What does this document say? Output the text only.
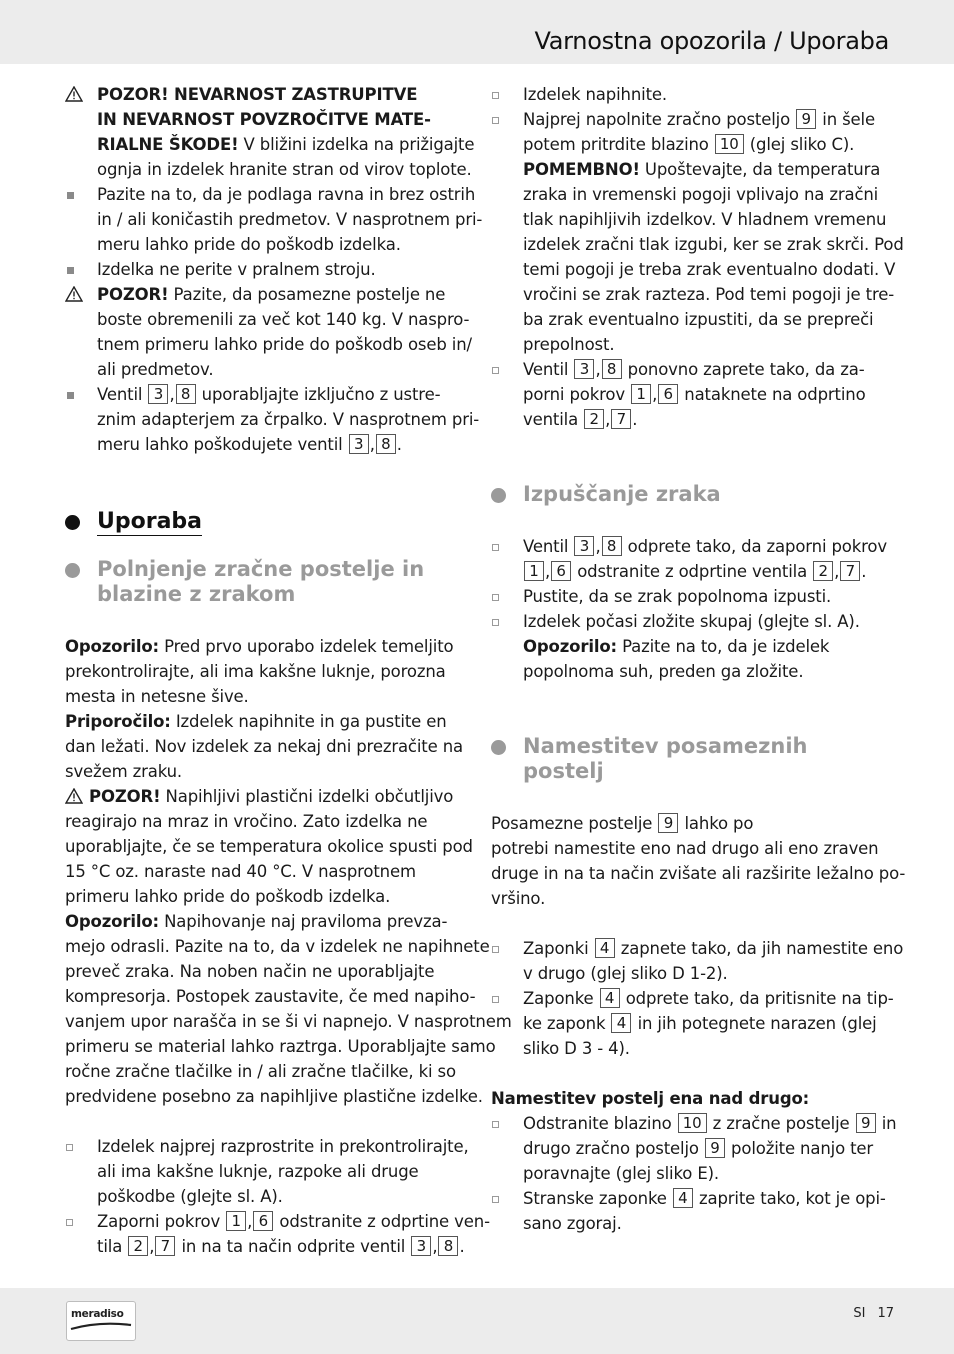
Varnostna opozorila / Uporaba
POZOR! NEVARNOST ZASTRUPITVE
IN NEVARNOST POVZROČITVE MATE-
RIALNE ŠKODE! V bližini izdelka na prižigajte
ognja in izdelek hranite stran od virov toplote.
Pazite na to, da je podlaga ravna in brez ostrih
in / ali koničastih predmetov. V nasprotnem pri-
meru lahko pride do poškodb izdelka.
Izdelka ne perite v pralnem stroju.
POZOR! Pazite, da posamezne postelje ne
boste obremenili za več kot 140 kg. V naspro-
tnem primeru lahko pride do poškodb oseb in/
ali predmetov.
Ventil 3 , 8 uporabljajte izključno z ustre-
znim adapterjem za črpalko. V nasprotnem pri-
meru lahko poškodujete ventil 3 , 8 .
Uporaba
Polnjenje zračne postelje in
blazine z zrakom
Opozorilo: Pred prvo uporabo izdelek temeljito
prekontrolirajte, ali ima kakšne luknje, porozna
mesta in netesne šive.
Priporočilo: Izdelek napihnite in ga pustite en
dan ležati. Nov izdelek za nekaj dni prezračite na
svežem zraku.
POZOR! Napihljivi plastični izdelki občutljivo
reagirajo na mraz in vročino. Zato izdelka ne
uporabljajte, če se temperatura okolice spusti pod
15 °C oz. naraste nad 40 °C. V nasprotnem
primeru lahko pride do poškodb izdelka.
Opozorilo: Napihovanje naj praviloma prevza-
mejo odrasli. Pazite na to, da v izdelek ne napihnete
preveč zraka. Na noben način ne uporabljajte
kompresorja. Postopek zaustavite, če med napiho-
vanjem upor narašča in se ši vi napnejo. V nasprotnem
primeru se material lahko raztrga. Uporabljajte samo
ročne zračne tlačilke in / ali zračne tlačilke, ki so
predvidene posebno za napihljive plastične izdelke.
Izdelek najprej razprostrite in prekontrolirajte,
ali ima kakšne luknje, razpoke ali druge
poškodbe (glejte sl. A).
Zaporni pokrov 1 , 6 odstranite z odprtine ven-
tila 2 , 7 in na ta način odprite ventil 3 , 8 .
Izdelek napihnite.
Najprej napolnite zračno posteljo 9 in šele
potem pritrdite blazino 10 (glej sliko C).
POMEMBNO! Upoštevajte, da temperatura
zraka in vremenski pogoji vplivajo na zračni
tlak napihljivih izdelkov. V hladnem vremenu
izdelek zračni tlak izgubi, ker se zrak skrči. Pod
temi pogoji je treba zrak eventualno dodati. V
vročini se zrak razteza. Pod temi pogoji je tre-
ba zrak eventualno izpustiti, da se prepreči
prepolnost.
Ventil 3 , 8 ponovno zaprete tako, da za-
porni pokrov 1 , 6 nataknete na odprtino
ventila 2 , 7 .
Izpuščanje zraka
Ventil 3 , 8 odprete tako, da zaporni pokrov
1 , 6 odstranite z odprtine ventila 2 , 7 .
Pustite, da se zrak popolnoma izpusti.
Izdelek počasi zložite skupaj (glejte sl. A).
Opozorilo: Pazite na to, da je izdelek
popolnoma suh, preden ga zložite.
Namestitev posameznih
postelj
Posamezne postelje 9 lahko po
potrebi namestite eno nad drugo ali eno zraven
druge in na ta način zvišate ali razširite ležalno po-
vršino.
Zaponki 4 zapnete tako, da jih namestite eno
v drugo (glej sliko D 1-2).
Zaponke 4 odprete tako, da pritisnite na tip-
ke zaponk 4 in jih potegnete narazen (glej
sliko D 3 - 4).
Namestitev postelj ena nad drugo:
Odstranite blazino 10 z zračne postelje 9 in
drugo zračno posteljo 9 položite nanjo ter
poravnajte (glej sliko E).
Stranske zaponke 4 zaprite tako, kot je opi-
sano zgoraj.
meradiso	SI 17
